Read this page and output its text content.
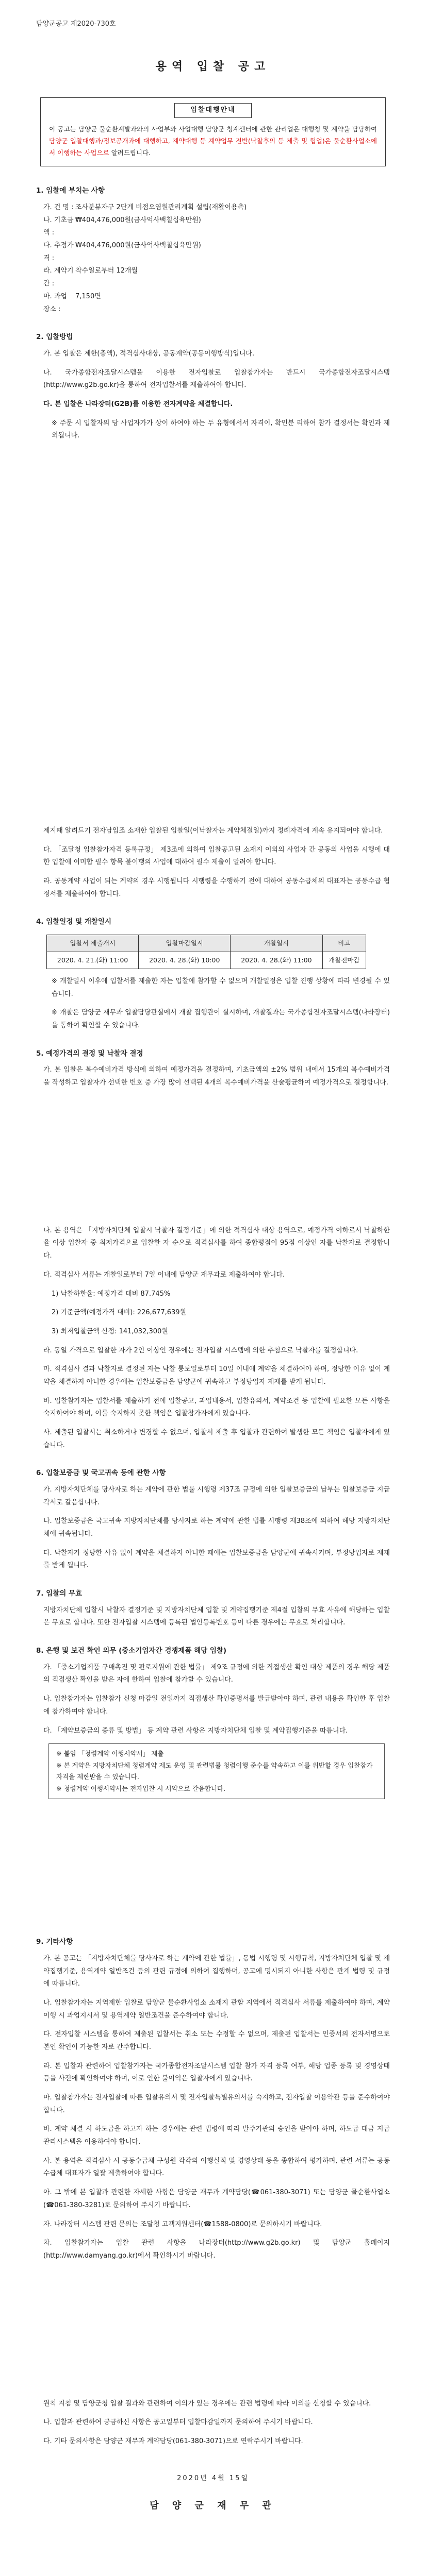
담양군공고 제2020-730호
용역 입찰 공고
입찰대행안내

이 공고는 담양군 물순환계발과와의 사업부와 사업대행 담양군 청계센터에 관한 관리업은 대행청 및 계약을 담당하여 담양군 입찰대행과/정보공개과에 대행하고, 계약대행 등 계약업무 전반(낙찰후의 등 제출 및 협업)은 물순환사업소에서 이행하는 사업으로 알려드립니다.

1. 입찰에 부치는 사항
가. 건 명 : 조사분뷰자구 2단계 비점오염원관리계획 설립(재활이용측)
나. 기초금액 :
₩404,476,000원(금사억사백칠십육만원)
다. 추정가격 :
₩404,476,000원(금사억사백칠십육만원)
라. 계약기간 :
착수일로부터 12개월
마. 과업 장소 :
7,150면
2. 입찰방법
가. 본 입찰은 제한(총액), 적격심사대상, 공동계약(공동이행방식)입니다.
나. 국가종합전자조달시스템을 이용한 전자입찰로 입찰참가자는 반드시 국가종합전자조달시스템(http://www.g2b.go.kr)을 통하여 전자입찰서를 제출하여야 합니다.
다. 본 입찰은 나라장터(G2B)를 이용한 전자계약을 체결합니다.
※ 주문 시 입찰자의 당 사업자가가 상이 하여야 하는 두 유형에서서 자격이, 확인분 리하여 참가 결정서는 확인과 제외됩니다.
제지때 알려드기 전자납입조 소재한 입찰된 입찰일(이낙찰자는 계약체결일)까지 정례자격에 계속 유지되어야 합니다.
다. 「조달청 입찰참가자격 등록규정」 제3조에 의하여 입찰공고된 소재지 이외의 사업자 간 공동의 사업을 시행에 대한 입찰에 이미합 필수 항목 불이행의 사업에 대하여 필수 제출이 알려야 합니다.
라. 공동계약 사업이 되는 계약의 경우 시행됩니다 시행령을 수행하기 전에 대하여 공동수급체의 대표자는 공동수급 협정서를 제출하여야 합니다.
4. 입찰일정 및 개찰일시
입찰서 제출개시	입찰마감일시	개찰일시	비고
2020. 4. 21.(화) 11:00	2020. 4. 28.(화) 10:00	2020. 4. 28.(화) 11:00	개찰전마감
※ 개찰일시 이후에 입찰서를 제출한 자는 입찰에 참가할 수 없으며 개찰일정은 입찰 진행 상황에 따라 변경될 수 있습니다.
※ 개찰은 담양군 재무과 입찰담당관실에서 개찰 집행관이 실시하며, 개찰결과는 국가종합전자조달시스템(나라장터)을 통하여 확인할 수 있습니다.
5. 예정가격의 결정 및 낙찰자 결정
가. 본 입찰은 복수예비가격 방식에 의하여 예정가격을 결정하며, 기초금액의 ±2% 범위 내에서 15개의 복수예비가격을 작성하고 입찰자가 선택한 번호 중 가장 많이 선택된 4개의 복수예비가격을 산술평균하여 예정가격으로 결정합니다.
나. 본 용역은 「지방자치단체 입찰시 낙찰자 결정기준」에 의한 적격심사 대상 용역으로, 예정가격 이하로서 낙찰하한율 이상 입찰자 중 최저가격으로 입찰한 자 순으로 적격심사를 하여 종합평점이 95점 이상인 자를 낙찰자로 결정합니다.
다. 적격심사 서류는 개찰일로부터 7일 이내에 담양군 재무과로 제출하여야 합니다.
1) 낙찰하한율: 예정가격 대비 87.745%
2) 기준금액(예정가격 대비): 226,677,639원
3) 최저입찰금액 산정: 141,032,300원
라. 동일 가격으로 입찰한 자가 2인 이상인 경우에는 전자입찰 시스템에 의한 추첨으로 낙찰자를 결정합니다.
마. 적격심사 결과 낙찰자로 결정된 자는 낙찰 통보일로부터 10일 이내에 계약을 체결하여야 하며, 정당한 이유 없이 계약을 체결하지 아니한 경우에는 입찰보증금을 담양군에 귀속하고 부정당업자 제재를 받게 됩니다.
바. 입찰참가자는 입찰서를 제출하기 전에 입찰공고, 과업내용서, 입찰유의서, 계약조건 등 입찰에 필요한 모든 사항을 숙지하여야 하며, 이를 숙지하지 못한 책임은 입찰참가자에게 있습니다.
사. 제출된 입찰서는 취소하거나 변경할 수 없으며, 입찰서 제출 후 입찰과 관련하여 발생한 모든 책임은 입찰자에게 있습니다.
6. 입찰보증금 및 국고귀속 등에 관한 사항
가. 지방자치단체를 당사자로 하는 계약에 관한 법률 시행령 제37조 규정에 의한 입찰보증금의 납부는 입찰보증금 지급각서로 갈음합니다.
나. 입찰보증금은 국고귀속 지방자치단체를 당사자로 하는 계약에 관한 법률 시행령 제38조에 의하여 해당 지방자치단체에 귀속됩니다.
다. 낙찰자가 정당한 사유 없이 계약을 체결하지 아니한 때에는 입찰보증금을 담양군에 귀속시키며, 부정당업자로 제재를 받게 됩니다.
7. 입찰의 무효
지방자치단체 입찰시 낙찰자 결정기준 및 지방자치단체 입찰 및 계약집행기준 제4절 입찰의 무효 사유에 해당하는 입찰은 무효로 합니다. 또한 전자입찰 시스템에 등록된 법인등록번호 등이 다른 경우에는 무효로 처리합니다.
8. 은행 및 보건 확인 의무 (중소기업자간 경쟁제품 해당 입찰)
가. 「중소기업제품 구매촉진 및 판로지원에 관한 법률」 제9조 규정에 의한 직접생산 확인 대상 제품의 경우 해당 제품의 직접생산 확인을 받은 자에 한하여 입찰에 참가할 수 있습니다.
나. 입찰참가자는 입찰참가 신청 마감일 전일까지 직접생산 확인증명서를 발급받아야 하며, 관련 내용을 확인한 후 입찰에 참가하여야 합니다.
다. 「계약보증금의 종류 및 방법」 등 계약 관련 사항은 지방자치단체 입찰 및 계약집행기준을 따릅니다.
※ 붙임 「청렴계약 이행서약서」 제출
※ 본 계약은 지방자치단체 청렴계약 제도 운영 및 관련법률 청렴이행 준수를 약속하고 이를 위반할 경우 입찰참가자격을 제한받을 수 있습니다.
※ 청렴계약 이행서약서는 전자입찰 시 서약으로 갈음합니다.
9. 기타사항
가. 본 공고는 「지방자치단체를 당사자로 하는 계약에 관한 법률」, 동법 시행령 및 시행규칙, 지방자치단체 입찰 및 계약집행기준, 용역계약 일반조건 등의 관련 규정에 의하여 집행하며, 공고에 명시되지 아니한 사항은 관계 법령 및 규정에 따릅니다.
나. 입찰참가자는 지역제한 입찰로 담양군 물순환사업소 소재지 관할 지역에서 적격심사 서류를 제출하여야 하며, 계약 이행 시 과업지시서 및 용역계약 일반조건을 준수하여야 합니다.
다. 전자입찰 시스템을 통하여 제출된 입찰서는 취소 또는 수정할 수 없으며, 제출된 입찰서는 인증서의 전자서명으로 본인 확인이 가능한 자로 간주합니다.
라. 본 입찰과 관련하여 입찰참가자는 국가종합전자조달시스템 입찰 참가 자격 등록 여부, 해당 업종 등록 및 경영상태 등을 사전에 확인하여야 하며, 이로 인한 불이익은 입찰자에게 있습니다.
마. 입찰참가자는 전자입찰에 따른 입찰유의서 및 전자입찰특별유의서를 숙지하고, 전자입찰 이용약관 등을 준수하여야 합니다.
바. 계약 체결 시 하도급을 하고자 하는 경우에는 관련 법령에 따라 발주기관의 승인을 받아야 하며, 하도급 대금 지급 관리시스템을 이용하여야 합니다.
사. 본 용역은 적격심사 시 공동수급체 구성원 각각의 이행실적 및 경영상태 등을 종합하여 평가하며, 관련 서류는 공동수급체 대표자가 일괄 제출하여야 합니다.
아. 그 밖에 본 입찰과 관련한 자세한 사항은 담양군 재무과 계약담당(☎061-380-3071) 또는 담양군 물순환사업소(☎061-380-3281)로 문의하여 주시기 바랍니다.
자. 나라장터 시스템 관련 문의는 조달청 고객지원센터(☎1588-0800)로 문의하시기 바랍니다.
차. 입찰참가자는 입찰 관련 사항을 나라장터(http://www.g2b.go.kr) 및 담양군 홈페이지(http://www.damyang.go.kr)에서 확인하시기 바랍니다.
원칙 지침 및 담양군청 입찰 결과와 관련하여 이의가 있는 경우에는 관련 법령에 따라 이의를 신청할 수 있습니다.
나. 입찰과 관련하여 궁금하신 사항은 공고일부터 입찰마감일까지 문의하여 주시기 바랍니다.
다. 기타 문의사항은 담양군 재무과 계약담당(061-380-3071)으로 연락주시기 바랍니다.
2020년 4월 15일
담 양 군 재 무 관
